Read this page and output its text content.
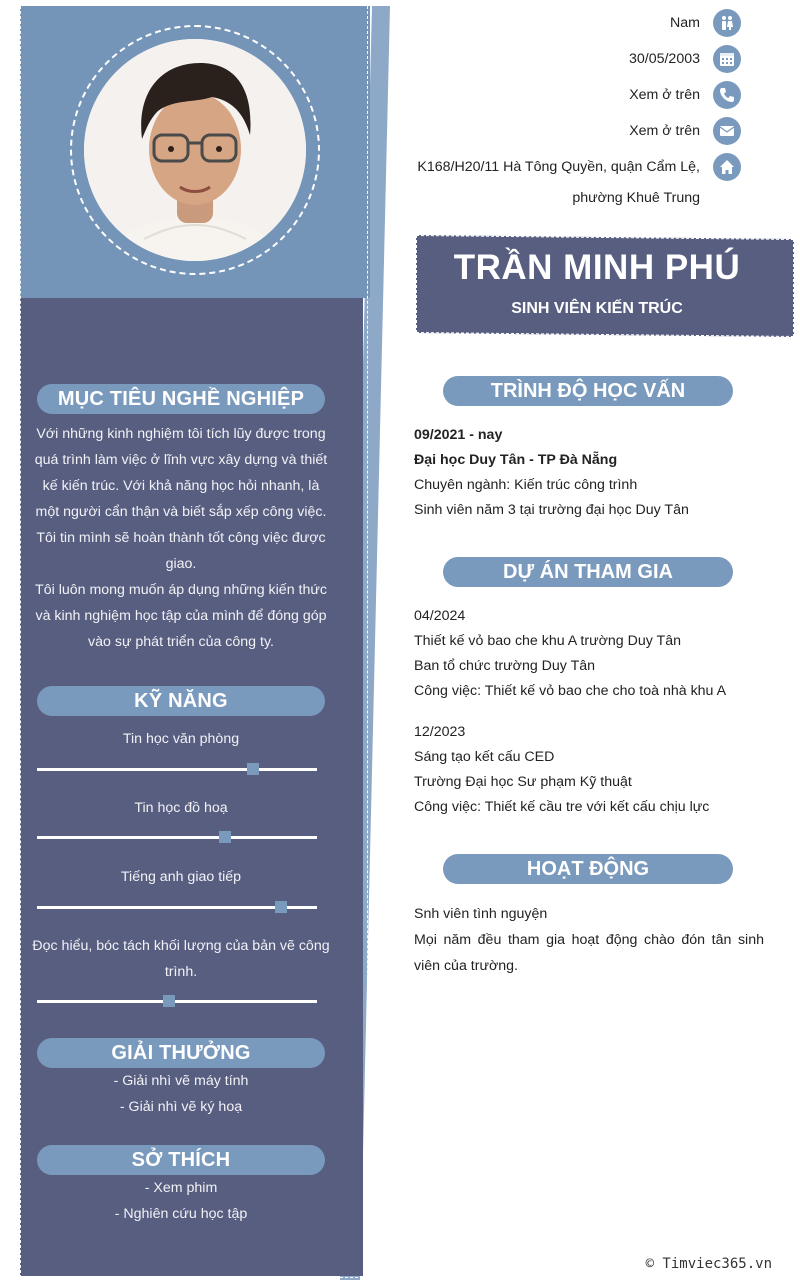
MỤC TIÊU NGHỀ NGHIỆP
Với những kinh nghiệm tôi tích lũy được trong
quá trình làm việc ở lĩnh vực xây dựng và thiết
kế kiến trúc. Với khả năng học hỏi nhanh, là
một người cẩn thận và biết sắp xếp công việc.
Tôi tin mình sẽ hoàn thành tốt công việc được
giao.
Tôi luôn mong muốn áp dụng những kiến thức
và kinh nghiệm học tập của mình để đóng góp
vào sự phát triển của công ty.
KỸ NĂNG
Tin học văn phòng
Tin học đồ hoạ
Tiếng anh giao tiếp
Đọc hiểu, bóc tách khối lượng của bản vẽ công
trình.
GIẢI THƯỞNG
- Giải nhì vẽ máy tính
- Giải nhì vẽ ký hoạ
SỞ THÍCH
- Xem phim
- Nghiên cứu học tập
Nam
30/05/2003
Xem ở trên
Xem ở trên
K168/H20/11 Hà Tông Quyền, quận Cẩm Lệ,
phường Khuê Trung
TRẦN MINH PHÚ
SINH VIÊN KIẾN TRÚC
TRÌNH ĐỘ HỌC VẤN
09/2021 - nay
Đại học Duy Tân - TP Đà Nẵng
Chuyên ngành: Kiến trúc công trình
Sinh viên năm 3 tại trường đại học Duy Tân
DỰ ÁN THAM GIA
04/2024
Thiết kế vỏ bao che khu A trường Duy Tân
Ban tổ chức trường Duy Tân
Công việc: Thiết kế vỏ bao che cho toà nhà khu A
12/2023
Sáng tạo kết cấu CED
Trường Đại học Sư phạm Kỹ thuật
Công việc: Thiết kế cầu tre với kết cấu chịu lực
HOẠT ĐỘNG
Snh viên tình nguyện
Mọi năm đều tham gia hoạt động chào đón tân sinh
viên của trường.
© Timviec365.vn
